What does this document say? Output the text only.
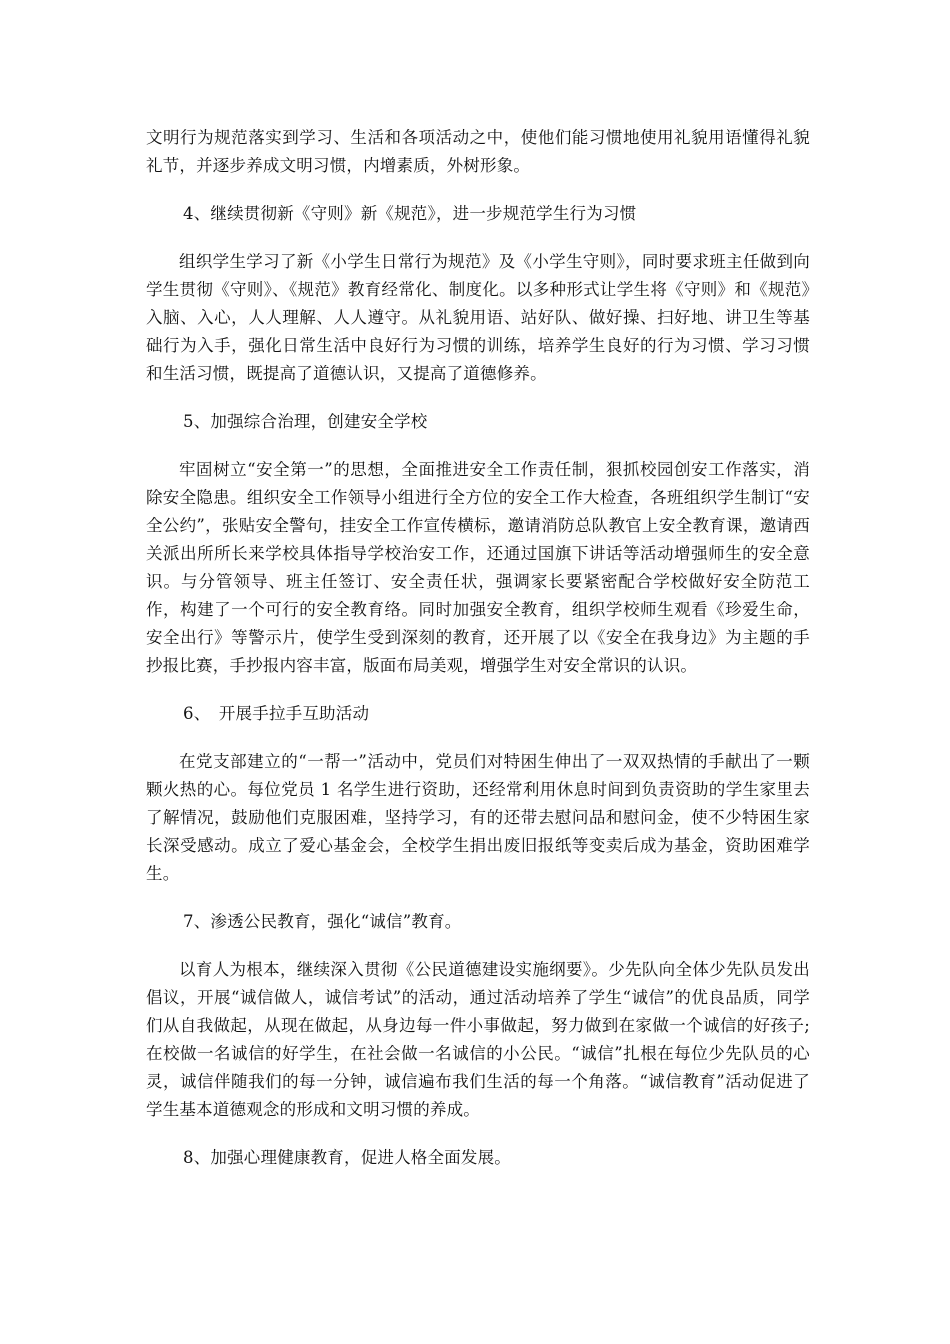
文明行为规范落实到学习、生活和各项活动之中，使他们能习惯地使用礼貌用语懂得礼貌礼节，并逐步养成文明习惯，内增素质，外树形象。

4、继续贯彻新《守则》新《规范》，进一步规范学生行为习惯

组织学生学习了新《小学生日常行为规范》及《小学生守则》，同时要求班主任做到向学生贯彻《守则》、《规范》教育经常化、制度化。以多种形式让学生将《守则》和《规范》入脑、入心，人人理解、人人遵守。从礼貌用语、站好队、做好操、扫好地、讲卫生等基础行为入手，强化日常生活中良好行为习惯的训练，培养学生良好的行为习惯、学习习惯和生活习惯，既提高了道德认识，又提高了道德修养。

5、加强综合治理，创建安全学校

牢固树立“安全第一”的思想，全面推进安全工作责任制，狠抓校园创安工作落实，消除安全隐患。组织安全工作领导小组进行全方位的安全工作大检查，各班组织学生制订“安全公约”，张贴安全警句，挂安全工作宣传横标，邀请消防总队教官上安全教育课，邀请西关派出所所长来学校具体指导学校治安工作，还通过国旗下讲话等活动增强师生的安全意识。与分管领导、班主任签订、安全责任状，强调家长要紧密配合学校做好安全防范工作，构建了一个可行的安全教育络。同时加强安全教育，组织学校师生观看《珍爱生命，安全出行》等警示片，使学生受到深刻的教育，还开展了以《安全在我身边》为主题的手抄报比赛，手抄报内容丰富，版面布局美观，增强学生对安全常识的认识。

6、　开展手拉手互助活动

在党支部建立的“一帮一”活动中，党员们对特困生伸出了一双双热情的手献出了一颗颗火热的心。每位党员 1 名学生进行资助，还经常利用休息时间到负责资助的学生家里去了解情况，鼓励他们克服困难，坚持学习，有的还带去慰问品和慰问金，使不少特困生家长深受感动。成立了爱心基金会，全校学生捐出废旧报纸等变卖后成为基金，资助困难学生。

7、渗透公民教育，强化“诚信”教育。

以育人为根本，继续深入贯彻《公民道德建设实施纲要》。少先队向全体少先队员发出倡议，开展“诚信做人，诚信考试”的活动，通过活动培养了学生“诚信”的优良品质，同学们从自我做起，从现在做起，从身边每一件小事做起，努力做到在家做一个诚信的好孩子;在校做一名诚信的好学生，在社会做一名诚信的小公民。“诚信”扎根在每位少先队员的心灵，诚信伴随我们的每一分钟，诚信遍布我们生活的每一个角落。“诚信教育”活动促进了学生基本道德观念的形成和文明习惯的养成。

8、加强心理健康教育，促进人格全面发展。
